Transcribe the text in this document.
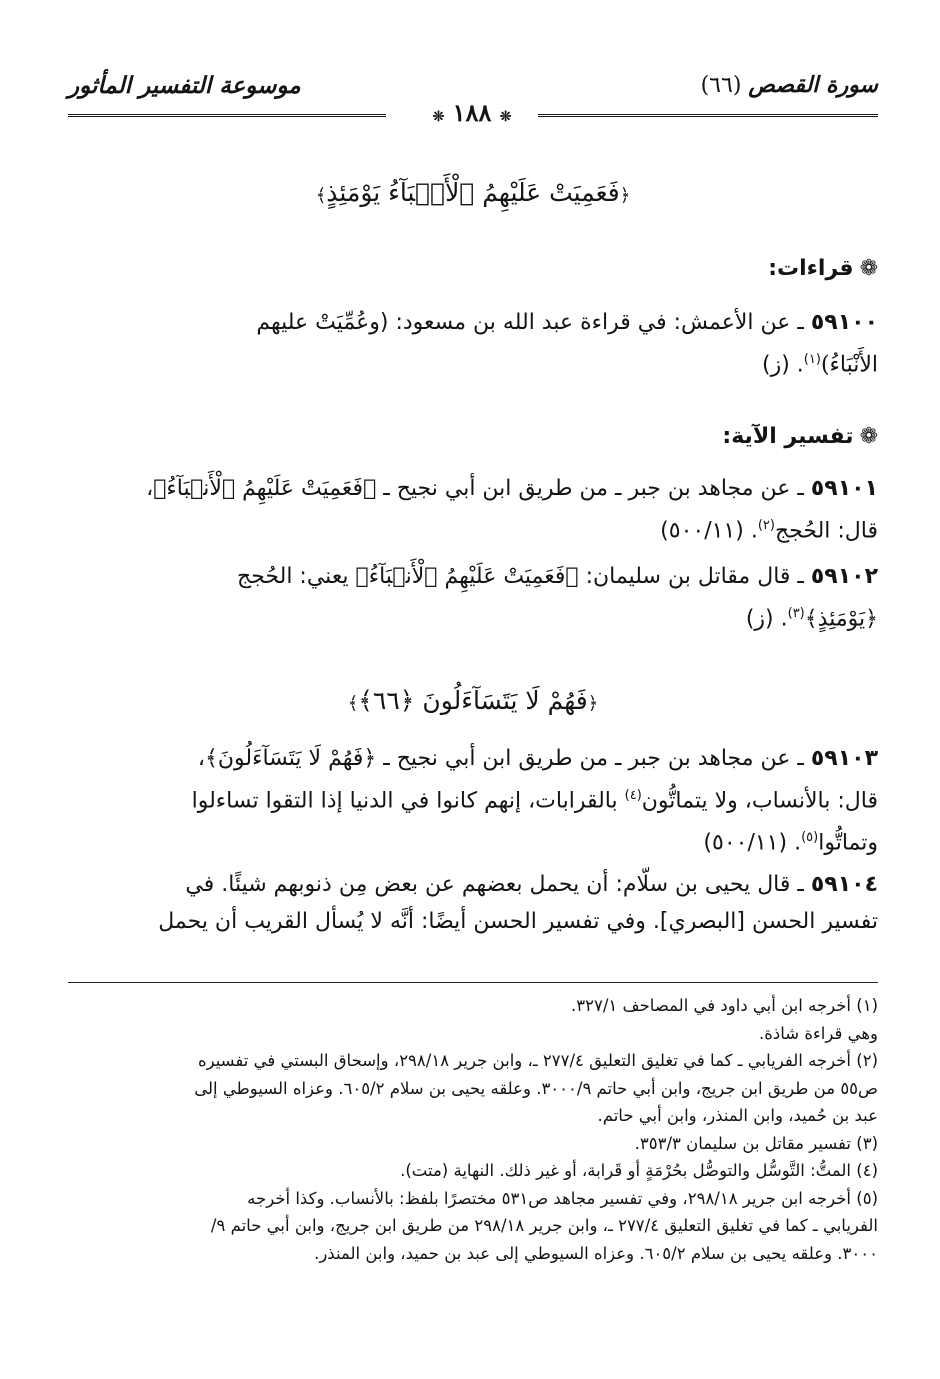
سورة القصص (٦٦)
موسوعة التفسير المأثور
❊ ١٨٨ ❊
﴿فَعَمِيَتْ عَلَيْهِمُ ٱلْأَنۢبَآءُ يَوْمَئِذٍ﴾
❁قراءات:
٥٩١٠٠ ـ عن الأعمش: في قراءة عبد الله بن مسعود: (وعُمِّيَتْ عليهم
الأَنْبَاءُ)$^{(١)}$. (ز)
❁تفسير الآية:
٥٩١٠١ ـ عن مجاهد بن جبر ـ من طريق ابن أبي نجيح ـ ﴿فَعَمِيَتْ عَلَيْهِمُ ٱلْأَنۢبَآءُ﴾،
قال: الحُجج$^{(٢)}$. (٥٠٠/١١)
٥٩١٠٢ ـ قال مقاتل بن سليمان: ﴿فَعَمِيَتْ عَلَيْهِمُ ٱلْأَنۢبَآءُ﴾ يعني: الحُجج
﴿يَوْمَئِذٍ﴾$^{(٣)}$. (ز)
﴿فَهُمْ لَا يَتَسَآءَلُونَ ﴿٦٦﴾﴾
٥٩١٠٣ ـ عن مجاهد بن جبر ـ من طريق ابن أبي نجيح ـ ﴿فَهُمْ لَا يَتَسَآءَلُونَ﴾،
قال: بالأنساب، ولا يتماتُّون$^{(٤)}$ بالقرابات، إنهم كانوا في الدنيا إذا التقوا تساءلوا
وتماتُّوا$^{(٥)}$. (٥٠٠/١١)
٥٩١٠٤ ـ قال يحيى بن سلّام: أن يحمل بعضهم عن بعض مِن ذنوبهم شيئًا. في
تفسير الحسن [البصري]. وفي تفسير الحسن أيضًا: أنَّه لا يُسأل القريب أن يحمل
(١) أخرجه ابن أبي داود في المصاحف ٣٢٧/١.
وهي قراءة شاذة.
(٢) أخرجه الفريابي ـ كما في تغليق التعليق ٢٧٧/٤ ـ، وابن جرير ٢٩٨/١٨، وإسحاق البستي في تفسيره
ص٥٥ من طريق ابن جريج، وابن أبي حاتم ٣٠٠٠/٩. وعلقه يحيى بن سلام ٦٠٥/٢. وعزاه السيوطي إلى
عبد بن حُميد، وابن المنذر، وابن أبي حاتم.
(٣) تفسير مقاتل بن سليمان ٣٥٣/٣.
(٤) المتُّ: التَّوسُّل والتوصُّل بحُرْمَةٍ أو قَرابة، أو غير ذلك. النهاية (متت).
(٥) أخرجه ابن جرير ٢٩٨/١٨، وفي تفسير مجاهد ص٥٣١ مختصرًا بلفظ: بالأنساب. وكذا أخرجه
الفريابي ـ كما في تغليق التعليق ٢٧٧/٤ ـ، وابن جرير ٢٩٨/١٨ من طريق ابن جريج، وابن أبي حاتم ٩/
٣٠٠٠. وعلقه يحيى بن سلام ٦٠٥/٢. وعزاه السيوطي إلى عبد بن حميد، وابن المنذر.
